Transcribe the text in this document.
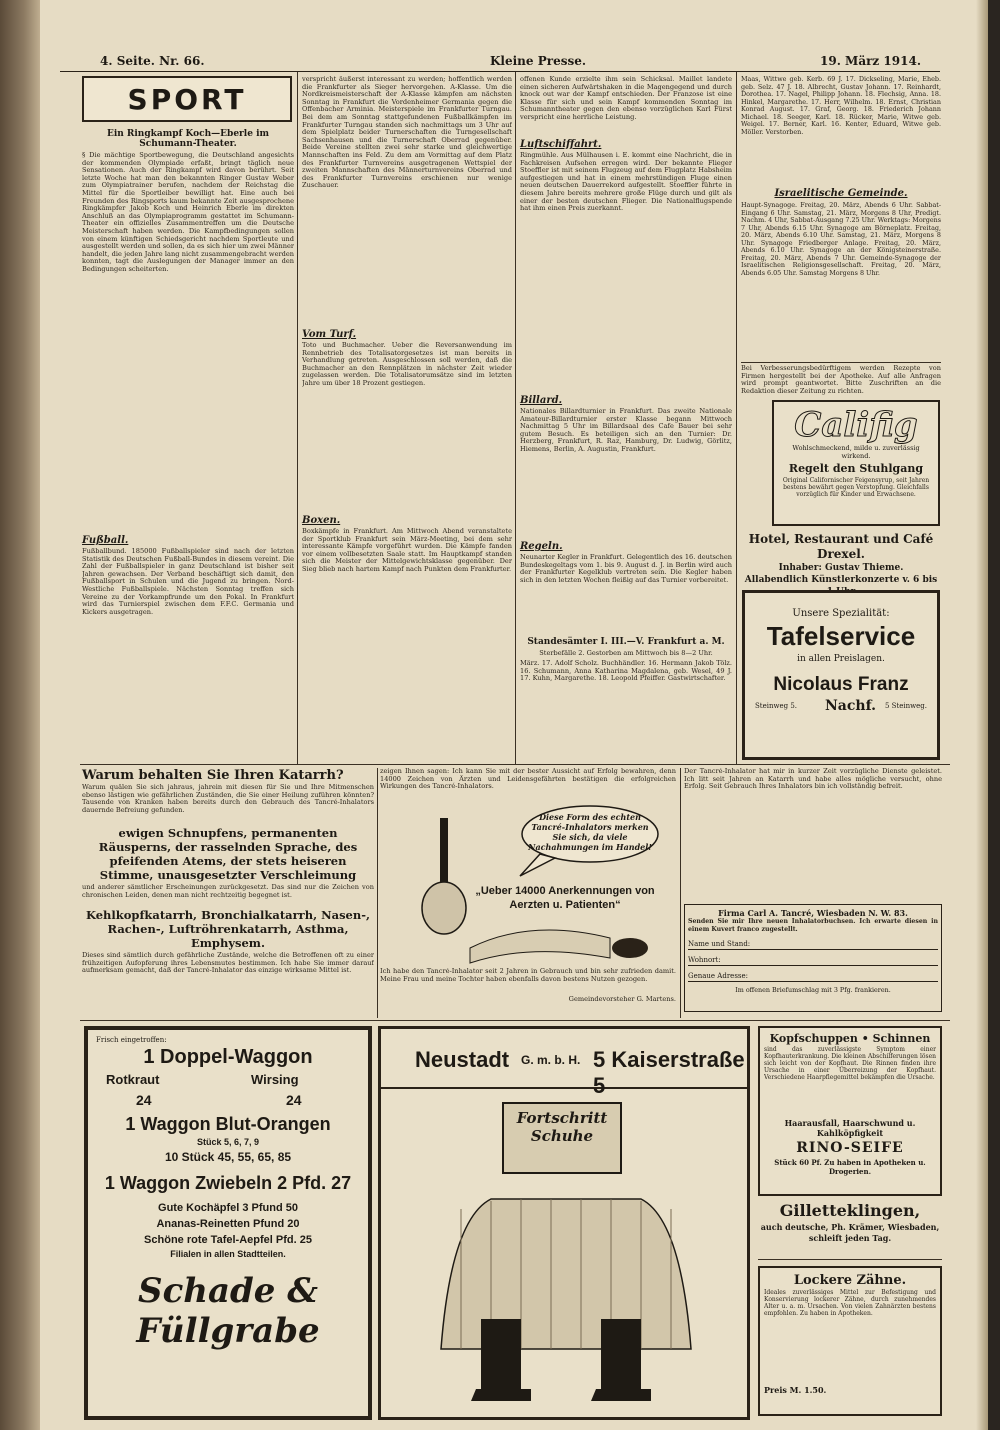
4. Seite. Nr. 66.	Kleine Presse.	19. März 1914.
SPORT
Ein Ringkampf Koch—Eberle im Schumann-Theater.
§ Die mächtige Sportbewegung, die Deutschland angesichts der kommenden Olympiade erfaßt, bringt täglich neue Sensationen. Auch der Ringkampf wird davon berührt. Seit letzte Woche hat man den bekannten Ringer Gustav Weber zum Olympiatrainer berufen, nachdem der Reichstag die Mittel für die Sportleiber bewilligt hat. Eine auch bei Freunden des Ringsports kaum bekannte Zeit ausgesprochene Ringkämpfer Jakob Koch und Heinrich Eberle im direkten Anschluß an das Olympiaprogramm gestattet im Schumann-Theater ein offizielles Zusammentreffen um die Deutsche Meisterschaft haben werden. Die Kampfbedingungen sollen von einem künftigen Schiedsgericht nachdem Sportleute und ausgestellt werden und sollen, da es sich hier um zwei Männer handelt, die jeden Jahre lang nicht zusammengebracht werden konnten, tagt die Auslegungen der Manager immer an den Bedingungen scheiterten.
Fußball.
Fußballbund. 185000 Fußballspieler sind nach der letzten Statistik des Deutschen Fußball-Bundes in diesem vereint. Die Zahl der Fußballspieler in ganz Deutschland ist bisher seit Jahren gewachsen. Der Verband beschäftigt sich damit, den Fußballsport in Schulen und die Jugend zu bringen. Nord-Westliche Fußballspiele. Nächsten Sonntag treffen sich Vereine zu der Vorkampfrunde um den Pokal. In Frankfurt wird das Turnierspiel zwischen dem F.F.C. Germania und Kickers ausgetragen.
verspricht äußerst interessant zu werden; hoffentlich werden die Frankfurter als Sieger hervorgehen. A-Klasse. Um die Nordkreismeisterschaft der A-Klasse kämpfen am nächsten Sonntag in Frankfurt die Vordenheimer Germania gegen die Offenbacher Arminia. Meisterspiele im Frankfurter Turngau. Bei dem am Sonntag stattgefundenen Fußballkämpfen im Frankfurter Turngau standen sich nachmittags um 3 Uhr auf dem Spielplatz beider Turnerschaften die Turngesellschaft Sachsenhausen und die Turnerschaft Oberrad gegenüber. Beide Vereine stellten zwei sehr starke und gleichwertige Mannschaften ins Feld. Zu dem am Vormittag auf dem Platz des Frankfurter Turnvereins ausgetragenen Wettspiel der zweiten Mannschaften des Männerturnvereins Oberrad und des Frankfurter Turnvereins erschienen nur wenige Zuschauer.
Vom Turf.
Toto und Buchmacher. Ueber die Reversanwendung im Rennbetrieb des Totalisatorgesetzes ist man bereits in Verhandlung getreten. Ausgeschlossen soll werden, daß die Buchmacher an den Rennplätzen in nächster Zeit wieder zugelassen werden. Die Totalisatorumsätze sind im letzten Jahre um über 18 Prozent gestiegen.
Boxen.
Boxkämpfe in Frankfurt. Am Mittwoch Abend veranstaltete der Sportklub Frankfurt sein März-Meeting, bei dem sehr interessante Kämpfe vorgeführt wurden. Die Kämpfe fanden vor einem vollbesetzten Saale statt. Im Hauptkampf standen sich die Meister der Mittelgewichtsklasse gegenüber. Der Sieg blieb nach hartem Kampf nach Punkten dem Frankfurter.
offenen Kunde erzielte ihm sein Schicksal. Maillet landete einen sicheren Aufwärtshaken in die Magengegend und durch knock out war der Kampf entschieden. Der Franzose ist eine Klasse für sich und sein Kampf kommenden Sonntag im Schumanntheater gegen den ebenso vorzüglichen Karl Fürst verspricht eine herrliche Leistung.
Luftschiffahrt.
Ringmühle. Aus Mülhausen i. E. kommt eine Nachricht, die in Fachkreisen Aufsehen erregen wird. Der bekannte Flieger Stoeffler ist mit seinem Flugzeug auf dem Flugplatz Habsheim aufgestiegen und hat in einem mehrstündigen Fluge einen neuen deutschen Dauerrekord aufgestellt. Stoeffler führte in diesem Jahre bereits mehrere große Flüge durch und gilt als einer der besten deutschen Flieger. Die Nationalflugspende hat ihm einen Preis zuerkannt.
Billard.
Nationales Billardturnier in Frankfurt. Das zweite Nationale Amateur-Billardturnier erster Klasse begann Mittwoch Nachmittag 5 Uhr im Billardsaal des Cafe Bauer bei sehr gutem Besuch. Es beteiligen sich an den Turnier: Dr. Herzberg, Frankfurt, R. Raz, Hamburg, Dr. Ludwig, Görlitz, Hiemens, Berlin, A. Augustin, Frankfurt.
Regeln.
Neunarter Kegler in Frankfurt. Gelegentlich des 16. deutschen Bundeskegeltags vom 1. bis 9. August d. J. in Berlin wird auch der Frankfurter Kegelklub vertreten sein. Die Kegler haben sich in den letzten Wochen fleißig auf das Turnier vorbereitet.
Standesämter I. III.—V. Frankfurt a. M.
Sterbefälle 2. Gestorben am Mittwoch bis 8—2 Uhr.
März. 17. Adolf Scholz. Buchhändler. 16. Hermann Jakob Tölz. 16. Schumann, Anna Katharina Magdalena, geb. Wesel, 49 J. 17. Kuhn, Margarethe. 18. Leopold Pfeiffer. Gastwirtschafter.
Maas, Wittwe geb. Kerb. 69 J. 17. Dickseling, Marie, Eheb. geb. Selz. 47 J. 18. Albrecht, Gustav Johann. 17. Reinhardt, Dorothea. 17. Nagel, Philipp Johann. 18. Flechsig, Anna. 18. Hinkel, Margarethe. 17. Herr, Wilhelm. 18. Ernst, Christian Konrad August. 17. Graf, Georg. 18. Friederich Johann Michael. 18. Seeger, Karl. 18. Rücker, Marie, Witwe geb. Weigel. 17. Berner, Karl. 16. Kenter, Eduard, Witwe geb. Möller. Verstorben.
Israelitische Gemeinde.
Haupt-Synagoge. Freitag, 20. März, Abends 6 Uhr. Sabbat-Eingang 6 Uhr. Samstag, 21. März, Morgens 8 Uhr, Predigt. Nachm. 4 Uhr, Sabbat-Ausgang 7.25 Uhr. Werktags: Morgens 7 Uhr, Abends 6.15 Uhr. Synagoge am Börneplatz. Freitag, 20. März, Abends 6.10 Uhr. Samstag, 21. März, Morgens 8 Uhr. Synagoge Friedberger Anlage. Freitag, 20. März, Abends 6.10 Uhr. Synagoge an der Königsteinerstraße. Freitag, 20. März, Abends 7 Uhr. Gemeinde-Synagoge der Israelitischen Religionsgesellschaft. Freitag, 20. März, Abends 6.05 Uhr. Samstag Morgens 8 Uhr.
Bei Verbesserungsbedürftigem werden Rezepte von Firmen hergestellt bei der Apotheke. Auf alle Anfragen wird prompt geantwortet. Bitte Zuschriften an die Redaktion dieser Zeitung zu richten.
Califig
Wohlschmeckend, milde u. zuverlässig wirkend.
Regelt den Stuhlgang
Original Californischer Feigensyrup, seit Jahren bestens bewährt gegen Verstopfung. Gleichfalls vorzüglich für Kinder und Erwachsene.
Hotel, Restaurant und Café Drexel.
Inhaber: Gustav Thieme.
Allabendlich Künstlerkonzerte v. 6 bis
Unsere Spezialität:
Tafelservice
in allen Preislagen.
Nicolaus Franz
Steinweg 5. Nachf. 5 Steinweg.
Warum behalten Sie Ihren Katarrh?
Warum quälen Sie sich jahraus, jahrein mit diesen für Sie und Ihre Mitmenschen ebenso lästigen wie gefährlichen Zuständen, die Sie einer Heilung zuführen könnten? Tausende von Kranken haben bereits durch den Gebrauch des Tancré-Inhalators dauernde Befreiung gefunden.
ewigen Schnupfens, permanenten Räusperns, der rasselnden Sprache, des pfeifenden Atems, der stets heiseren Stimme, unausgesetzter Verschleimung
und anderer sämtlicher Erscheinungen zurückgesetzt. Das sind nur die Zeichen von chronischen Leiden, denen man nicht rechtzeitig begegnet ist.
Kehlkopfkatarrh, Bronchialkatarrh, Nasen-, Rachen-, Luftröhrenkatarrh, Asthma, Emphysem.
Dieses sind sämtlich durch gefährliche Zustände, welche die Betroffenen oft zu einer frühzeitigen Aufopferung ihres Lebensmutes bestimmen. Ich habe Sie immer darauf aufmerksam gemacht, daß der Tancré-Inhalator das einzige wirksame Mittel ist.
zeigen Ihnen sagen: Ich kann Sie mit der bester Aussicht auf Erfolg bewahren, denn 14000 Zeichen von Ärzten und Leidensgefährten bestätigen die erfolgreichen Wirkungen des Tancré-Inhalators.
Diese Form des echten Tancré-Inhalators merken Sie sich, da viele Nachahmungen im Handel!
„Ueber 14000 Anerkennungen von Aerzten u. Patienten“
Ich habe den Tancré-Inhalator seit 2 Jahren in Gebrauch und bin sehr zufrieden damit. Meine Frau und meine Tochter haben ebenfalls davon bestens Nutzen gezogen.
Gemeindevorsteher G. Martens.
Der Tancré-Inhalator hat mir in kurzer Zeit vorzügliche Dienste geleistet. Ich litt seit Jahren an Katarrh und habe alles mögliche versucht, ohne Erfolg. Seit Gebrauch Ihres Inhalators bin ich vollständig befreit.
Firma Carl A. Tancré, Wiesbaden N. W. 83.
Senden Sie mir Ihre neuen Inhalatorbuchsen. Ich erwarte diesen in einem Kuvert franco zugestellt.
Name und Stand:
Wohnort:
Genaue Adresse:
Im offenen Briefumschlag mit 3 Pfg. frankieren.
Frisch eingetroffen:
1 Doppel-Waggon
Rotkraut	Wirsing
24	24
1 Waggon Blut-Orangen
Stück 5, 6, 7, 9
10 Stück 45, 55, 65, 85
1 Waggon Zwiebeln 2 Pfd. 27
Gute Kochäpfel 3 Pfund 50
Ananas-Reinetten Pfund 20
Schöne rote Tafel-Aepfel Pfd. 25
Filialen in allen Stadtteilen.
Schade & Füllgrabe
Neustadt G. m. b. H. 5 Kaiserstraße 5
Fortschritt Schuhe
Kopfschuppen • Schinnen
sind das zuverlässigste Symptom einer Kopfhauterkrankung. Die kleinen Abschilferungen lösen sich leicht von der Kopfhaut. Die Rinnen finden ihre Ursache in einer Überreizung der Kopfhaut. Verschiedene Haarpflegemittel bekämpfen die Ursache.
Haarausfall, Haarschwund u. Kahlköpfigkeit
RINO-SEIFE
Stück 60 Pf. Zu haben in Apotheken u. Drogerien.
Gilletteklingen,
auch deutsche, Ph. Krämer, Wiesbaden,
schleift jeden Tag.
Lockere Zähne.
Ideales zuverlässiges Mittel zur Befestigung und Konservierung lockerer Zähne, durch zunehmendes Alter u. a. m. Ursachen. Von vielen Zahnärzten bestens empfohlen. Zu haben in Apotheken.
Preis M. 1.50.
